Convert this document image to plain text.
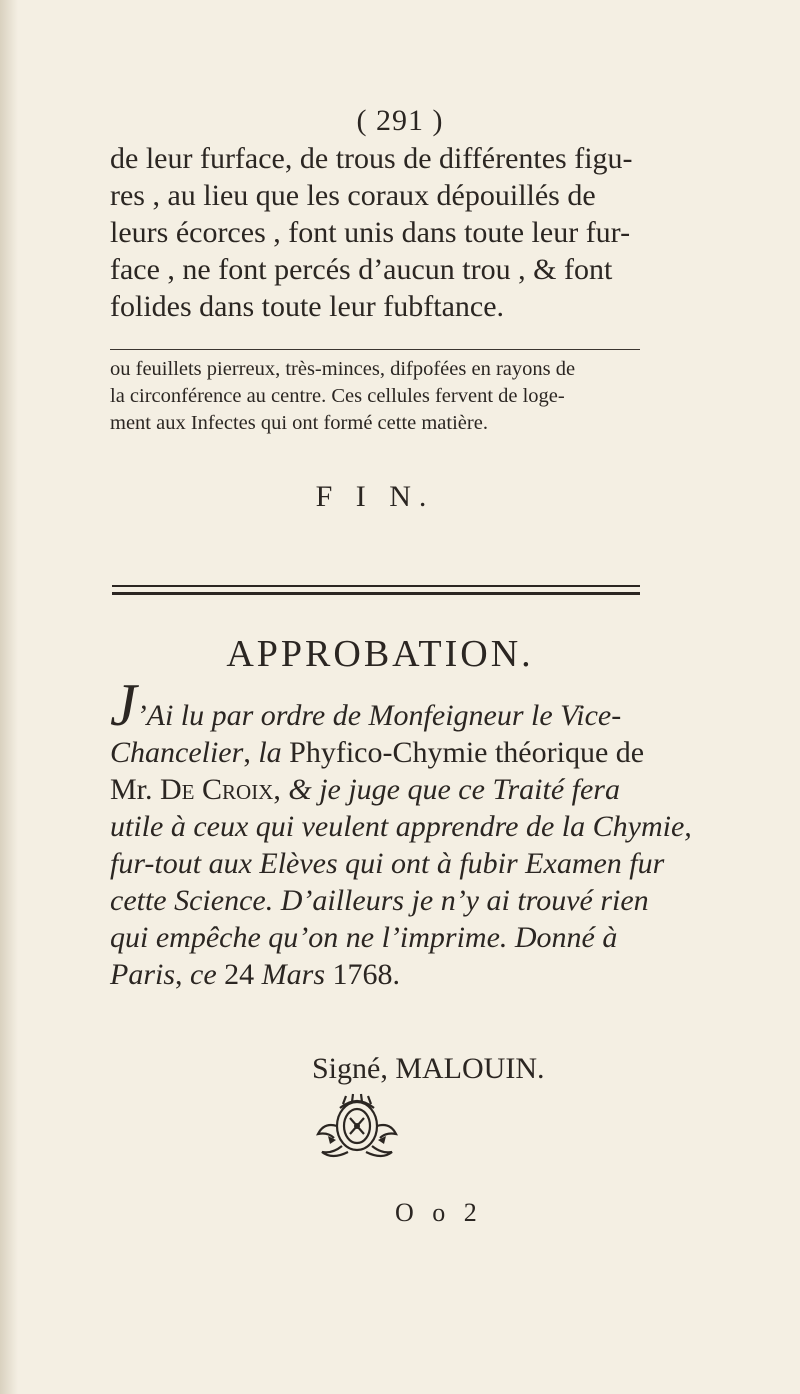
( 291 )
de leur furface, de trous de différentes figu-
res , au lieu que les coraux dépouillés de
leurs écorces , font unis dans toute leur fur-
face , ne font percés d’aucun trou , & font
folides dans toute leur fubftance.
ou feuillets pierreux, très-minces, difpofées en rayons de
la circonférence au centre. Ces cellules fervent de loge-
ment aux Infectes qui ont formé cette matière.
F I N.
APPROBATION.
J’Ai lu par ordre de Monfeigneur le Vice-
Chancelier, la Phyfico-Chymie théorique de
Mr. De Croix, & je juge que ce Traité fera
utile à ceux qui veulent apprendre de la Chymie,
fur-tout aux Elèves qui ont à fubir Examen fur
cette Science. D’ailleurs je n’y ai trouvé rien
qui empêche qu’on ne l’imprime. Donné à
Paris, ce 24 Mars 1768.
Signé, MALOUIN.
O o 2
